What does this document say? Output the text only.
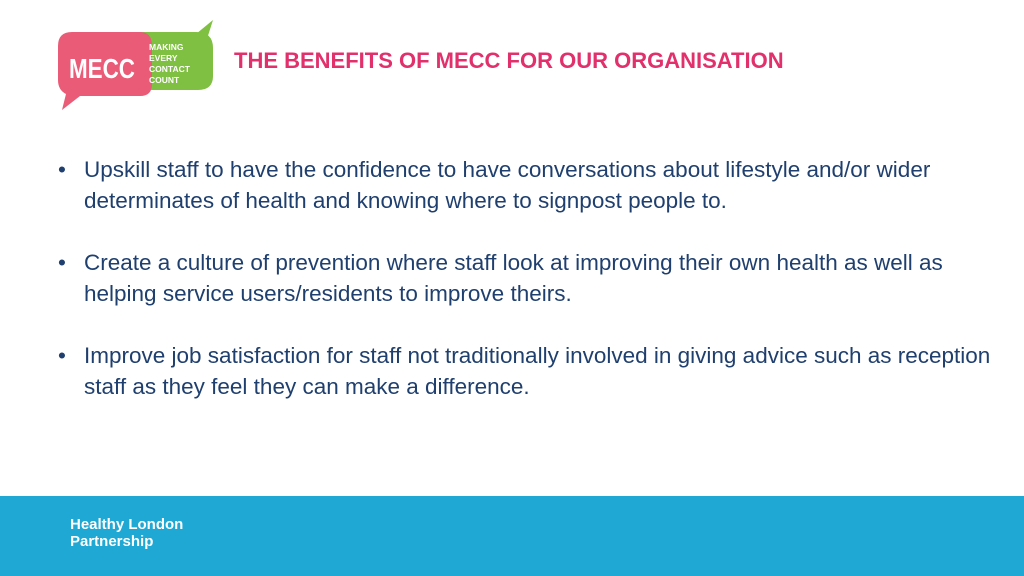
MECC
MAKING
EVERY
CONTACT
COUNT
THE BENEFITS OF MECC FOR OUR ORGANISATION
• Upskill staff to have the confidence to have conversations about lifestyle and/or wider determinates of health and knowing where to signpost people to.
• Create a culture of prevention where staff look at improving their own health as well as helping service users/residents to improve theirs.
• Improve job satisfaction for staff not traditionally involved in giving advice such as reception staff as they feel they can make a difference.
Healthy London
Partnership
